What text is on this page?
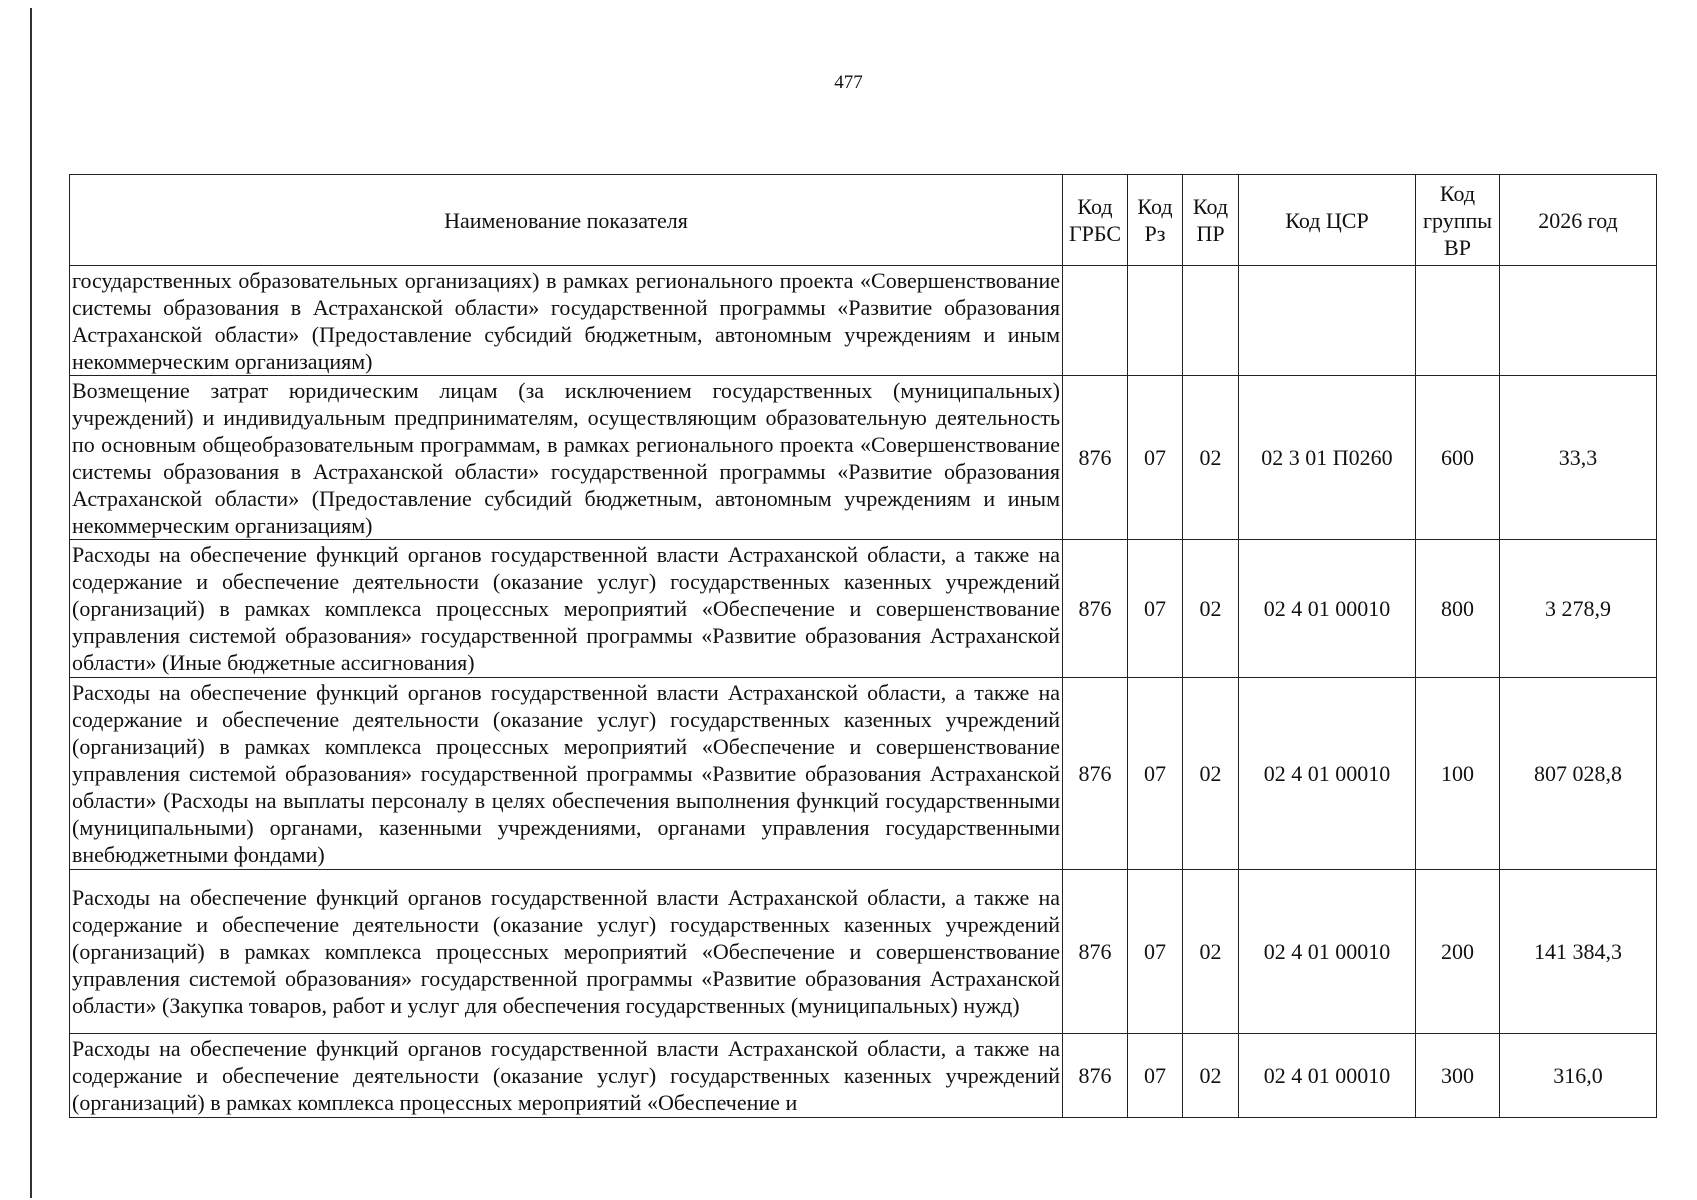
477
Наименование показателя	Код ГРБС	Код Рз	Код ПР	Код ЦСР	Код группы ВР	2026 год
государственных образовательных организациях) в рамках регионального проекта «Совершенствование системы образования в Астраханской области» государственной программы «Развитие образования Астраханской области» (Предоставление субсидий бюджетным, автономным учреждениям и иным некоммерческим организациям)						
Возмещение затрат юридическим лицам (за исключением государственных (муниципальных) учреждений) и индивидуальным предпринимателям, осуществляющим образовательную деятельность по основным общеобразовательным программам, в рамках регионального проекта «Совершенствование системы образования в Астраханской области» государственной программы «Развитие образования Астраханской области» (Предоставление субсидий бюджетным, автономным учреждениям и иным некоммерческим организациям)	876	07	02	02 3 01 П0260	600	33,3
Расходы на обеспечение функций органов государственной власти Астраханской области, а также на содержание и обеспечение деятельности (оказание услуг) государственных казенных учреждений (организаций) в рамках комплекса процессных мероприятий «Обеспечение и совершенствование управления системой образования» государственной программы «Развитие образования Астраханской области» (Иные бюджетные ассигнования)	876	07	02	02 4 01 00010	800	3 278,9
Расходы на обеспечение функций органов государственной власти Астраханской области, а также на содержание и обеспечение деятельности (оказание услуг) государственных казенных учреждений (организаций) в рамках комплекса процессных мероприятий «Обеспечение и совершенствование управления системой образования» государственной программы «Развитие образования Астраханской области» (Расходы на выплаты персоналу в целях обеспечения выполнения функций государственными (муниципальными) органами, казенными учреждениями, органами управления государственными внебюджетными фондами)	876	07	02	02 4 01 00010	100	807 028,8
Расходы на обеспечение функций органов государственной власти Астраханской области, а также на содержание и обеспечение деятельности (оказание услуг) государственных казенных учреждений (организаций) в рамках комплекса процессных мероприятий «Обеспечение и совершенствование управления системой образования» государственной программы «Развитие образования Астраханской области» (Закупка товаров, работ и услуг для обеспечения государственных (муниципальных) нужд)	876	07	02	02 4 01 00010	200	141 384,3
Расходы на обеспечение функций органов государственной власти Астраханской области, а также на содержание и обеспечение деятельности (оказание услуг) государственных казенных учреждений (организаций) в рамках комплекса процессных мероприятий «Обеспечение и	876	07	02	02 4 01 00010	300	316,0
